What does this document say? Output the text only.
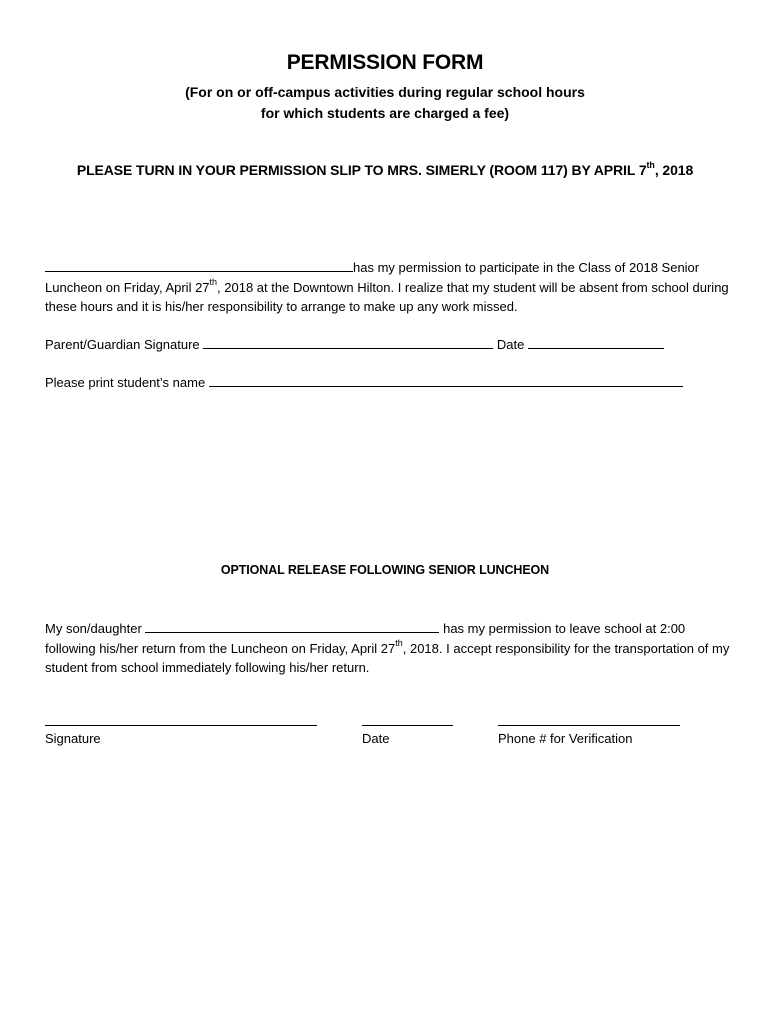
PERMISSION FORM
(For on or off-campus activities during regular school hours
for which students are charged a fee)
PLEASE TURN IN YOUR PERMISSION SLIP TO MRS. SIMERLY (ROOM 117) BY APRIL 7th, 2018
has my permission to participate in the Class of 2018 Senior Luncheon on Friday, April 27th, 2018 at the Downtown Hilton. I realize that my student will be absent from school during these hours and it is his/her responsibility to arrange to make up any work missed.
Parent/Guardian Signature	Date
Please print student’s name
OPTIONAL RELEASE FOLLOWING SENIOR LUNCHEON
My son/daughter	has my permission to leave school at 2:00 following his/her return from the Luncheon on Friday, April 27th, 2018. I accept responsibility for the transportation of my student from school immediately following his/her return.
Signature	Date	Phone # for Verification
